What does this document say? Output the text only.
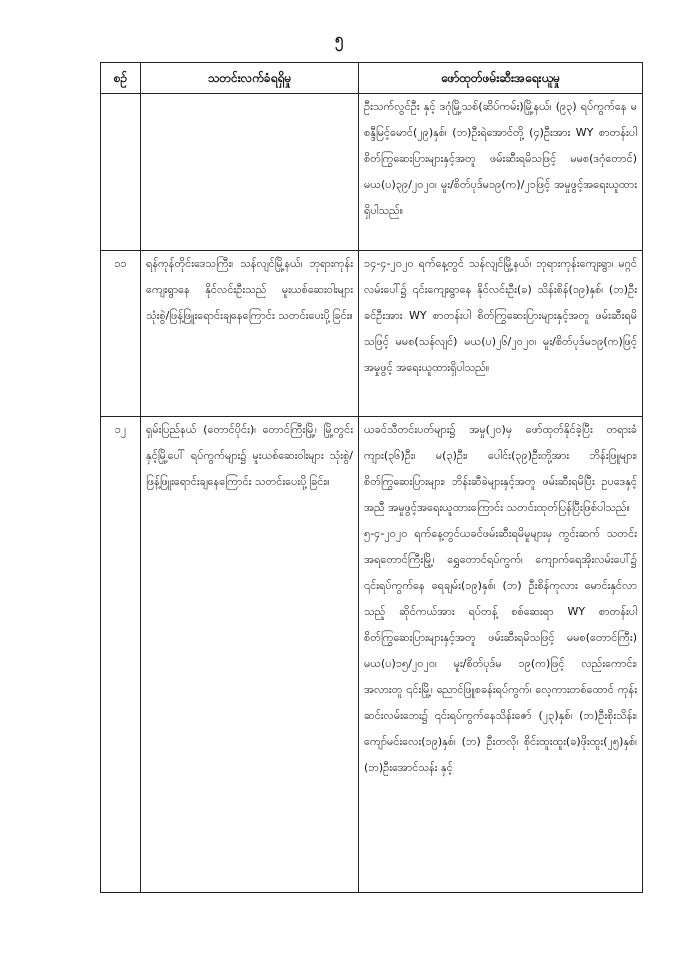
၅
စဉ်	သတင်းလက်ခံရရှိမှု	ဖော်ထုတ်ဖမ်းဆီးအရေးယူမှု
		ဦးသက်လွင်ဦး နှင့် ဒဂုံမြို့သစ်(ဆိပ်ကမ်း)မြို့နယ်၊ (၉၃) ရပ်ကွက်နေ မစန္ဒီမြင့်မောင်(၂၉)နှစ်၊ (ဘ)ဦးရဲအောင်တို့ (၄)ဦးအား WY စာတန်းပါ စိတ်ကြွဆေးပြားများနှင့်အတူ ဖမ်းဆီးရမိသဖြင့် မမစ(ဒဂုံတောင်) မယ(ပ)၃၉/၂၀၂၀၊ မူး/စိတ်ပုဒ်မ၁၉(က)/၂၁ဖြင့် အမှုဖွင့်အရေးယူထားရှိပါသည်။
၁၁	ရန်ကုန်တိုင်းဒေသကြီး၊ သန်လျင်မြို့နယ်၊ ဘုရားကုန်းကျေးရွာနေ နိုင်လင်းဦးသည် မူးယစ်ဆေးဝါးများ သုံးစွဲ/ဖြန့်ဖြူးရောင်းချနေကြောင်း သတင်းပေးပို့ခြင်း။	၁၄-၄-၂၀၂၀ ရက်နေ့တွင် သန်လျင်မြို့နယ်၊ ဘုရားကုန်းကျေးရွာ၊ မဂ္ဂင်လမ်းပေါ်၌ ၎င်းကျေးရွာနေ နိုင်လင်းဦး(ခ) သိန်းစိန်(၁၉)နှစ်၊ (ဘ)ဦးခင်ဦးအား WY စာတန်းပါ စိတ်ကြွဆေးပြားများနှင့်အတူ ဖမ်းဆီးရမိသဖြင့် မမစ(သန်လျင်) မယ(ပ)၂၆/၂၀၂၀၊ မူး/စိတ်ပုဒ်မ၁၉(က)ဖြင့် အမှုဖွင့် အရေးယူထားရှိပါသည်။
၁၂	ရှမ်းပြည်နယ် (တောင်ပိုင်း)၊ တောင်ကြီးမြို့၊ မြို့တွင်းနှင့်မြို့ပေါ် ရပ်ကွက်များ၌ မူးယစ်ဆေးဝါးများ သုံးစွဲ/ဖြန့်ဖြူးရောင်းချနေကြောင်း သတင်းပေးပို့ခြင်း။	ယခင်သီတင်းပတ်များ၌ အမှု(၂၀)မှ ဖော်ထုတ်နိုင်ခဲ့ပြီး တရားခံ ကျား(၃၆)ဦး၊ မ(၃)ဦး၊ ပေါင်း(၃၉)ဦးတို့အား ဘိန်းဖြူများ၊ စိတ်ကြွဆေးပြားများ၊ ဘိန်းဆီခဲများနှင့်အတူ ဖမ်းဆီးရမိပြီး ဥပဒေနှင့်အညီ အမှုဖွင့်အရေးယူထားကြောင်း သတင်းထုတ်ပြန်ပြီးဖြစ်ပါသည်။
၅-၄-၂၀၂၀ ရက်နေ့တွင်ယခင်ဖမ်းဆီးရမိမှုများမှ ကွင်းဆက် သတင်းအရတောင်ကြီးမြို့၊ ရွှေတောင်ရပ်ကွက်၊ ကျောက်ရေအိုးလမ်းပေါ်၌ ၎င်းရပ်ကွက်နေ ရေချမ်း(၁၉)နှစ်၊ (ဘ) ဦးစိန်ကုလား မောင်းနှင်လာသည့် ဆိုင်ကယ်အား ရပ်တန့် စစ်ဆေးရာ WY စာတန်းပါ စိတ်ကြွဆေးပြားများနှင့်အတူ ဖမ်းဆီးရမိသဖြင့် မမစ(တောင်ကြီး) မယ(ပ)၁၅/၂၀၂၀၊ မူး/စိတ်ပုဒ်မ ၁၉(က)ဖြင့် လည်းကောင်း၊ အလားတူ ၎င်းမြို့၊ ညောင်ဖြူစခန်းရပ်ကွက်၊ လေ့ကားတစ်ထောင် ကုန်းဆင်းလမ်းဘေး၌ ၎င်းရပ်ကွက်နေသိန်းဇော် (၂၃)နှစ်၊ (ဘ)ဦးစိုးသိန်း၊ ကျော်မင်းလေး(၁၉)နှစ်၊ (ဘ) ဦးတလို၊ စိုင်းထူးထူး(ခ)ဖိုးထူး(၂၅)နှစ်၊ (ဘ)ဦးအောင်သန်း နှင့်
